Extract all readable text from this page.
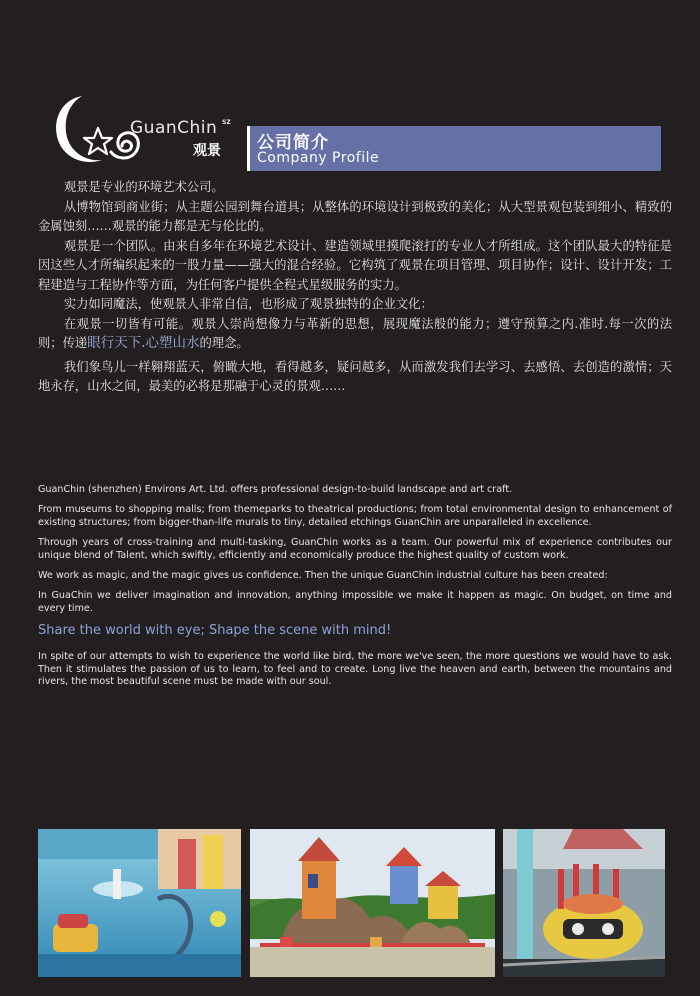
GuanChin SZ
观景 公司简介
Company Profile

观景是专业的环境艺术公司。

从博物馆到商业街；从主题公园到舞台道具；从整体的环境设计到极致的美化；从大型景观包装到细小、精致的金属蚀刻……观景的能力都是无与伦比的。

观景是一个团队。由来自多年在环境艺术设计、建造领域里摸爬滚打的专业人才所组成。这个团队最大的特征是因这些人才所编织起来的一股力量——强大的混合经验。它构筑了观景在项目管理、项目协作；设计、设计开发；工程建造与工程协作等方面，为任何客户提供全程式星级服务的实力。

实力如同魔法，使观景人非常自信，也形成了观景独特的企业文化：

在观景一切皆有可能。观景人崇尚想像力与革新的思想，展现魔法般的能力；遵守预算之内.准时.每一次的法则；传递眼行天下.心塑山水的理念。

我们象鸟儿一样翱翔蓝天，俯瞰大地，看得越多，疑问越多，从而激发我们去学习、去感悟、去创造的激情；天地永存，山水之间，最美的必将是那融于心灵的景观……

GuanChin (shenzhen) Environs Art. Ltd. offers professional design-to-build landscape and art craft.

From museums to shopping malls; from themeparks to theatrical productions; from total environmental design to enhancement of existing structures; from bigger-than-life murals to tiny, detailed etchings GuanChin are unparalleled in excellence.

Through years of cross-training and multi-tasking, GuanChin works as a team. Our powerful mix of experience contributes our unique blend of Talent, which swiftly, efficiently and economically produce the highest quality of custom work.

We work as magic, and the magic gives us confidence. Then the unique GuanChin industrial culture has been created:

In GuaChin we deliver imagination and innovation, anything impossible we make it happen as magic. On budget, on time and every time.

Share the world with eye; Shape the scene with mind!

In spite of our attempts to wish to experience the world like bird, the more we've seen, the more questions we would have to ask. Then it stimulates the passion of us to learn, to feel and to create. Long live the heaven and earth, between the mountains and rivers, the most beautiful scene must be made with our soul.
